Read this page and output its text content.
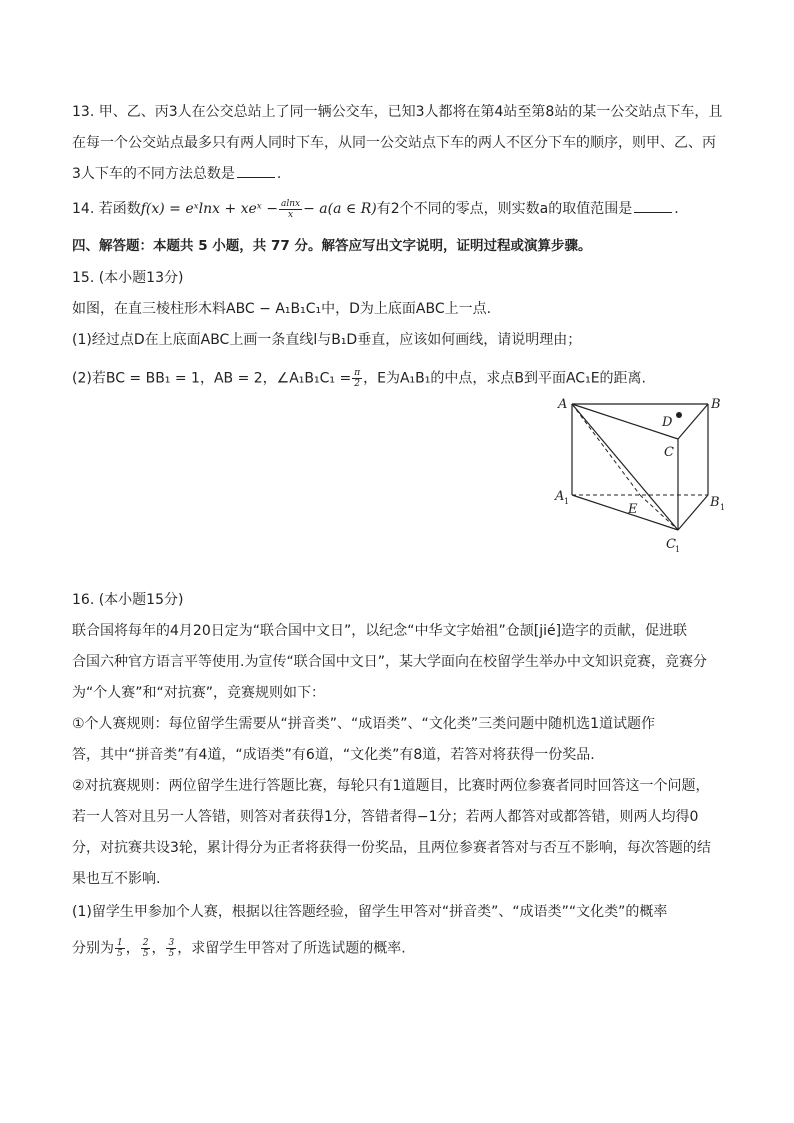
13. 甲、乙、丙3人在公交总站上了同一辆公交车，已知3人都将在第4站至第8站的某一公交站点下车，且
在每一个公交站点最多只有两人同时下车，从同一公交站点下车的两人不区分下车的顺序，则甲、乙、丙
3人下车的不同方法总数是	.
14. 若函数f(x) = eˣlnx + xeˣ − $\frac{alnx}{x} - a(a$ ∈ R)有2个不同的零点，则实数a的取值范围是	.
四、解答题：本题共 5 小题，共 77 分。解答应写出文字说明，证明过程或演算步骤。
15. (本小题13分)
如图，在直三棱柱形木料ABC − A₁B₁C₁中，D为上底面ABC上一点.
(1)经过点D在上底面ABC上画一条直线l与B₁D垂直，应该如何画线，请说明理由；
(2)若BC = BB₁ = 1，AB = 2，∠A₁B₁C₁ = $\frac{\pi}{2}$ ，E为A₁B₁的中点，求点B到平面AC₁E的距离.
A	B
C
D
E
A 1	B 1
C 1
16. (本小题15分)
联合国将每年的4月20日定为“联合国中文日”，以纪念“中华文字始祖”仓颉[jié]造字的贡献，促进联
合国六种官方语言平等使用.为宣传“联合国中文日”，某大学面向在校留学生举办中文知识竞赛，竞赛分
为“个人赛”和“对抗赛”，竞赛规则如下：
①个人赛规则：每位留学生需要从“拼音类”、“成语类”、“文化类”三类问题中随机选1道试题作
答，其中“拼音类”有4道，“成语类”有6道，“文化类”有8道，若答对将获得一份奖品.
②对抗赛规则：两位留学生进行答题比赛，每轮只有1道题目，比赛时两位参赛者同时回答这一个问题，
若一人答对且另一人答错，则答对者获得1分，答错者得−1分；若两人都答对或都答错，则两人均得0
分，对抗赛共设3轮，累计得分为正者将获得一份奖品，且两位参赛者答对与否互不影响，每次答题的结
果也互不影响.
(1)留学生甲参加个人赛，根据以往答题经验，留学生甲答对“拼音类”、“成语类”“文化类”的概率
分别为 $\frac{1}{5}$ ， $\frac{2}{5}$ ， $\frac{3}{5}$ ，求留学生甲答对了所选试题的概率.
